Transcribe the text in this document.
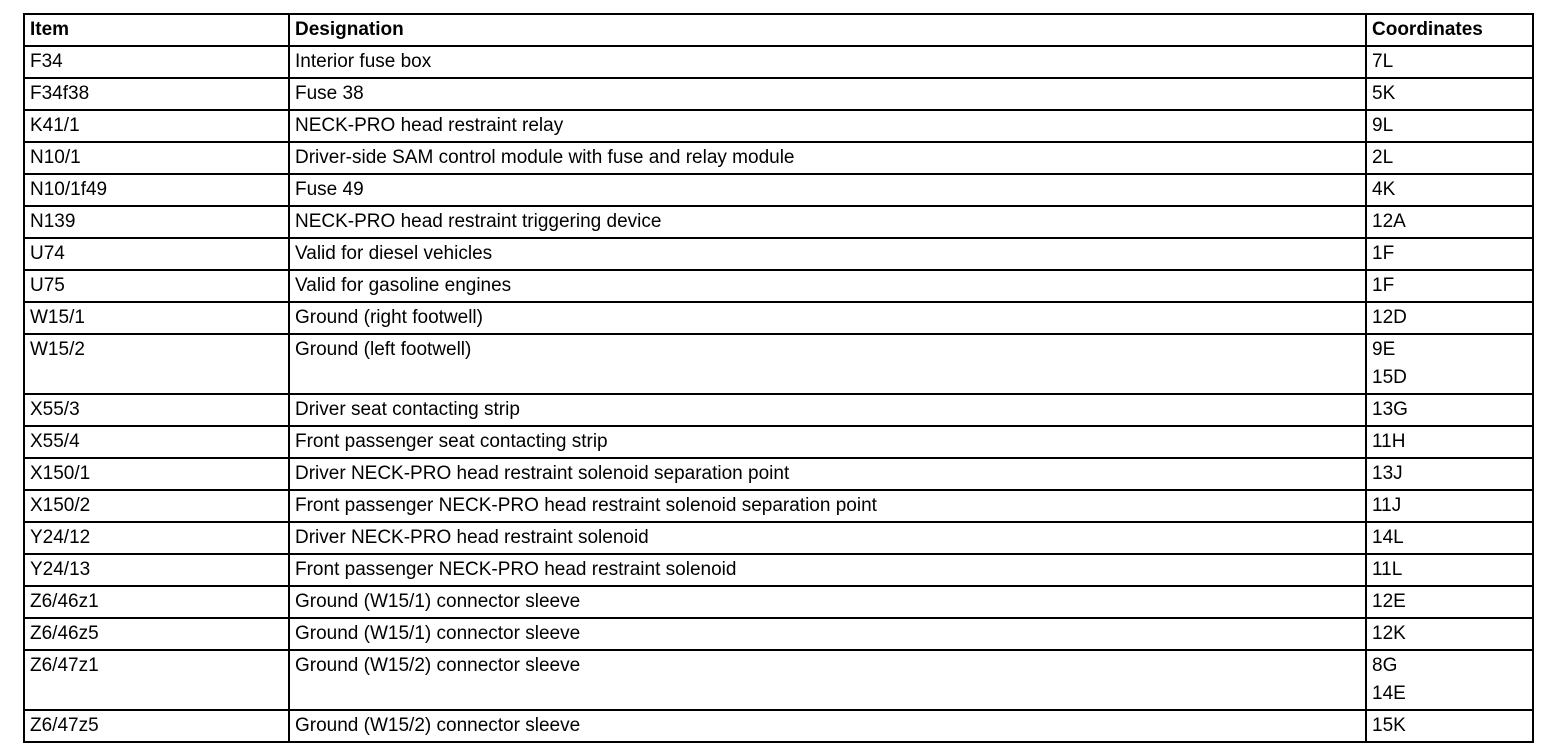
Item	Designation	Coordinates

F34	Interior fuse box	7L

F34f38	Fuse 38	5K

K41/1	NECK-PRO head restraint relay	9L

N10/1	Driver-side SAM control module with fuse and relay module	2L

N10/1f49	Fuse 49	4K

N139	NECK-PRO head restraint triggering device	12A

U74	Valid for diesel vehicles	1F

U75	Valid for gasoline engines	1F

W15/1	Ground (right footwell)	12D

W15/2	Ground (left footwell)	9E
15D

X55/3	Driver seat contacting strip	13G

X55/4	Front passenger seat contacting strip	11H

X150/1	Driver NECK-PRO head restraint solenoid separation point	13J

X150/2	Front passenger NECK-PRO head restraint solenoid separation point	11J

Y24/12	Driver NECK-PRO head restraint solenoid	14L

Y24/13	Front passenger NECK-PRO head restraint solenoid	11L

Z6/46z1	Ground (W15/1) connector sleeve	12E

Z6/46z5	Ground (W15/1) connector sleeve	12K

Z6/47z1	Ground (W15/2) connector sleeve	8G
14E

Z6/47z5	Ground (W15/2) connector sleeve	15K
